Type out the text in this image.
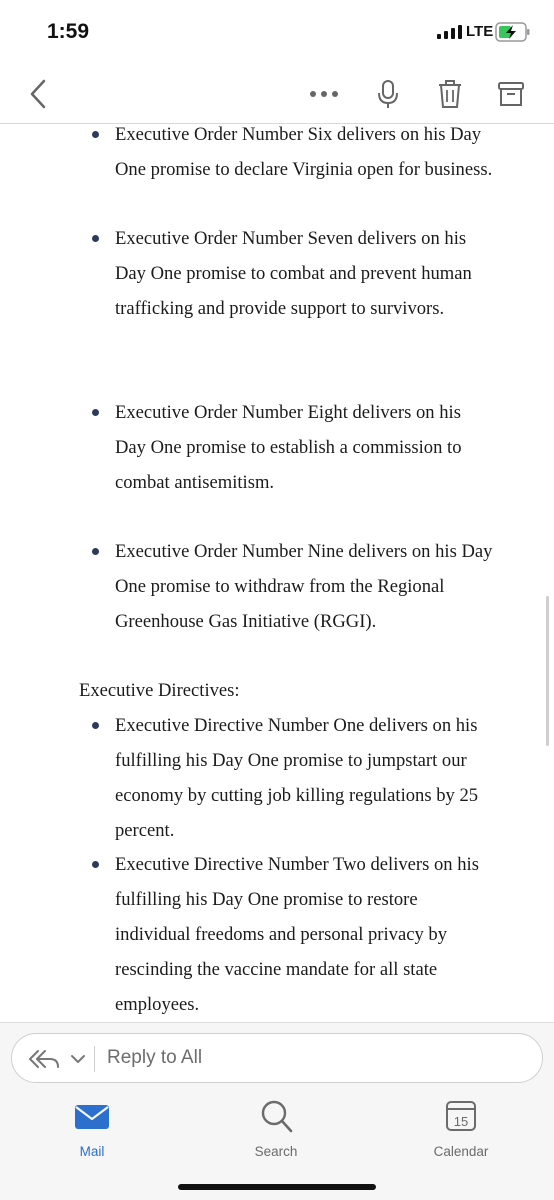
1:59	LTE
Executive Order Number Six delivers on his Day One promise to declare Virginia open for business.
Executive Order Number Seven delivers on his Day One promise to combat and prevent human trafficking and provide support to survivors.
Executive Order Number Eight delivers on his Day One promise to establish a commission to combat antisemitism.
Executive Order Number Nine delivers on his Day One promise to withdraw from the Regional Greenhouse Gas Initiative (RGGI).
Executive Directives:
Executive Directive Number One delivers on his fulfilling his Day One promise to jumpstart our economy by cutting job killing regulations by 25 percent.
Executive Directive Number Two delivers on his fulfilling his Day One promise to restore individual freedoms and personal privacy by rescinding the vaccine mandate for all state employees.
Reply to All
Mail	Search
15
Calendar
